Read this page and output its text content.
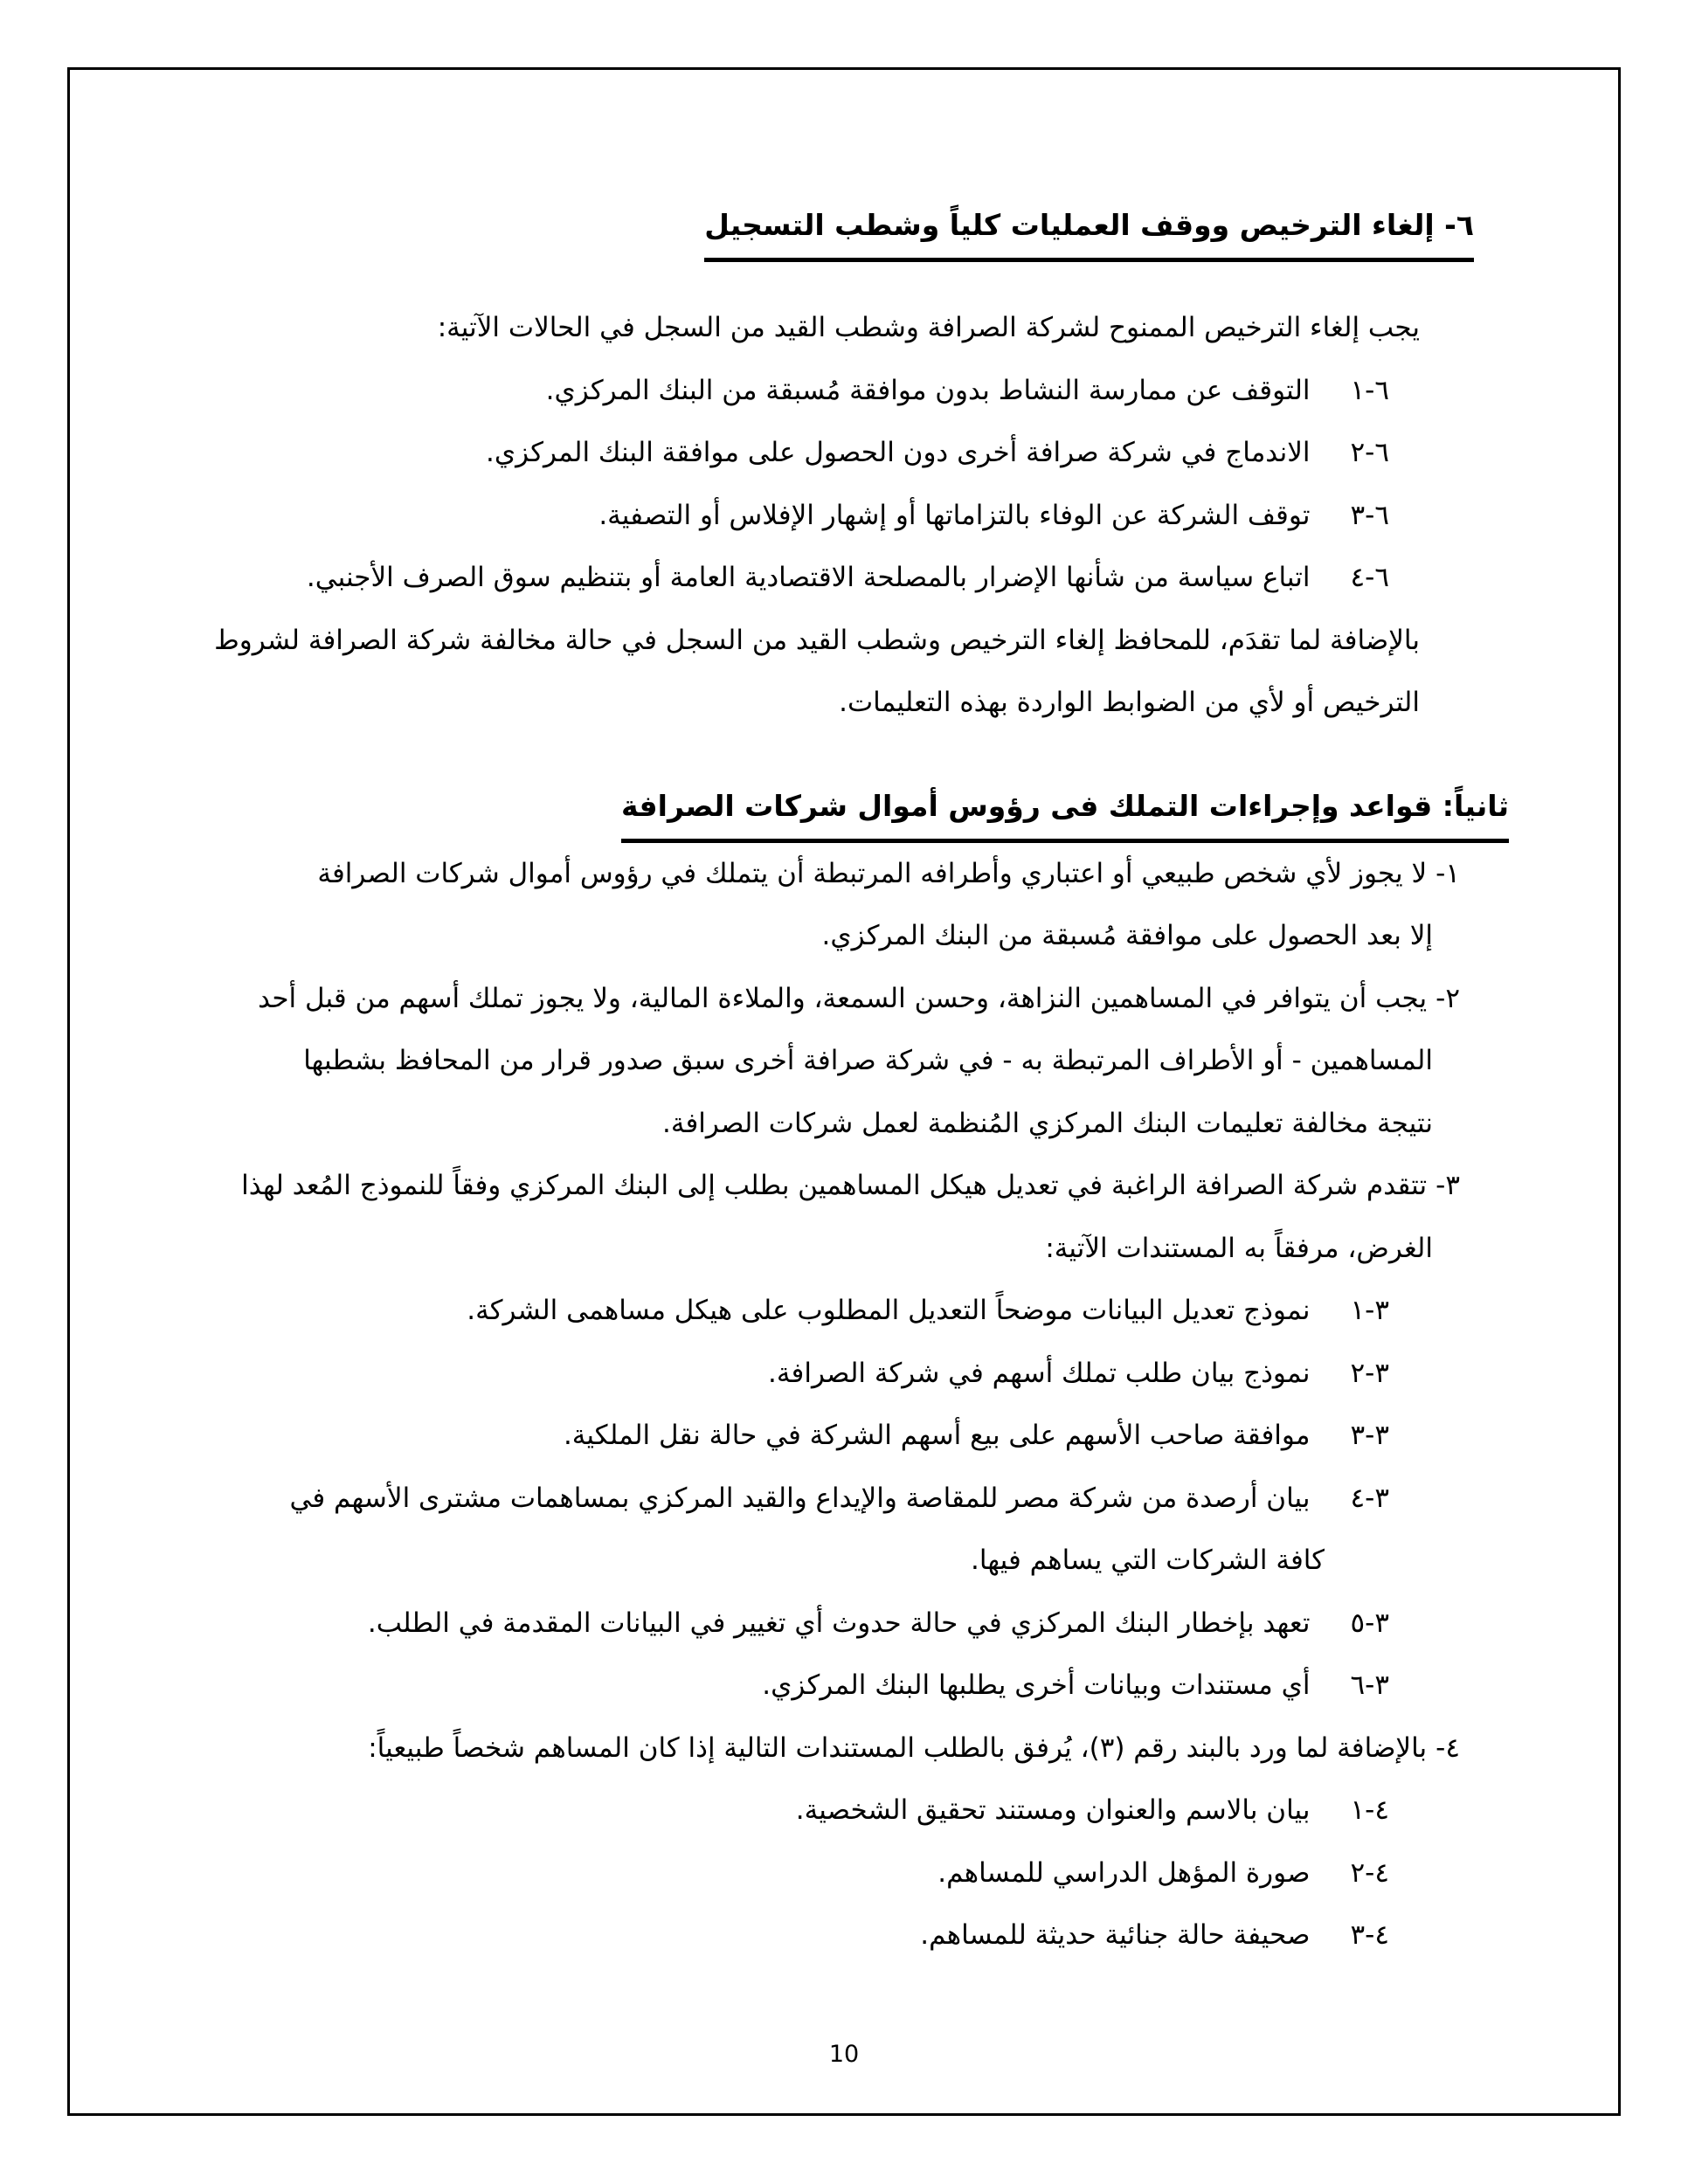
٦- إلغاء الترخيص ووقف العمليات كلياً وشطب التسجيل
يجب إلغاء الترخيص الممنوح لشركة الصرافة وشطب القيد من السجل في الحالات الآتية:
٦-١التوقف عن ممارسة النشاط بدون موافقة مُسبقة من البنك المركزي.
٦-٢الاندماج في شركة صرافة أخرى دون الحصول على موافقة البنك المركزي.
٦-٣توقف الشركة عن الوفاء بالتزاماتها أو إشهار الإفلاس أو التصفية.
٦-٤اتباع سياسة من شأنها الإضرار بالمصلحة الاقتصادية العامة أو بتنظيم سوق الصرف الأجنبي.
بالإضافة لما تقدَم، للمحافظ إلغاء الترخيص وشطب القيد من السجل في حالة مخالفة شركة الصرافة لشروط
الترخيص أو لأي من الضوابط الواردة بهذه التعليمات.
ثانياً: قواعد وإجراءات التملك فى رؤوس أموال شركات الصرافة
١-لا يجوز لأي شخص طبيعي أو اعتباري وأطرافه المرتبطة أن يتملك في رؤوس أموال شركات الصرافة
إلا بعد الحصول على موافقة مُسبقة من البنك المركزي.
٢-يجب أن يتوافر في المساهمين النزاهة، وحسن السمعة، والملاءة المالية، ولا يجوز تملك أسهم من قبل أحد
المساهمين - أو الأطراف المرتبطة به - في شركة صرافة أخرى سبق صدور قرار من المحافظ بشطبها
نتيجة مخالفة تعليمات البنك المركزي المُنظمة لعمل شركات الصرافة.
٣-تتقدم شركة الصرافة الراغبة في تعديل هيكل المساهمين بطلب إلى البنك المركزي وفقاً للنموذج المُعد لهذا
الغرض، مرفقاً به المستندات الآتية:
٣-١نموذج تعديل البيانات موضحاً التعديل المطلوب على هيكل مساهمى الشركة.
٣-٢نموذج بيان طلب تملك أسهم في شركة الصرافة.
٣-٣موافقة صاحب الأسهم على بيع أسهم الشركة في حالة نقل الملكية.
٣-٤بيان أرصدة من شركة مصر للمقاصة والإيداع والقيد المركزي بمساهمات مشترى الأسهم في
كافة الشركات التي يساهم فيها.
٣-٥تعهد بإخطار البنك المركزي في حالة حدوث أي تغيير في البيانات المقدمة في الطلب.
٣-٦أي مستندات وبيانات أخرى يطلبها البنك المركزي.
٤-بالإضافة لما ورد بالبند رقم (٣)، يُرفق بالطلب المستندات التالية إذا كان المساهم شخصاً طبيعياً:
٤-١بيان بالاسم والعنوان ومستند تحقيق الشخصية.
٤-٢صورة المؤهل الدراسي للمساهم.
٤-٣صحيفة حالة جنائية حديثة للمساهم.
10
